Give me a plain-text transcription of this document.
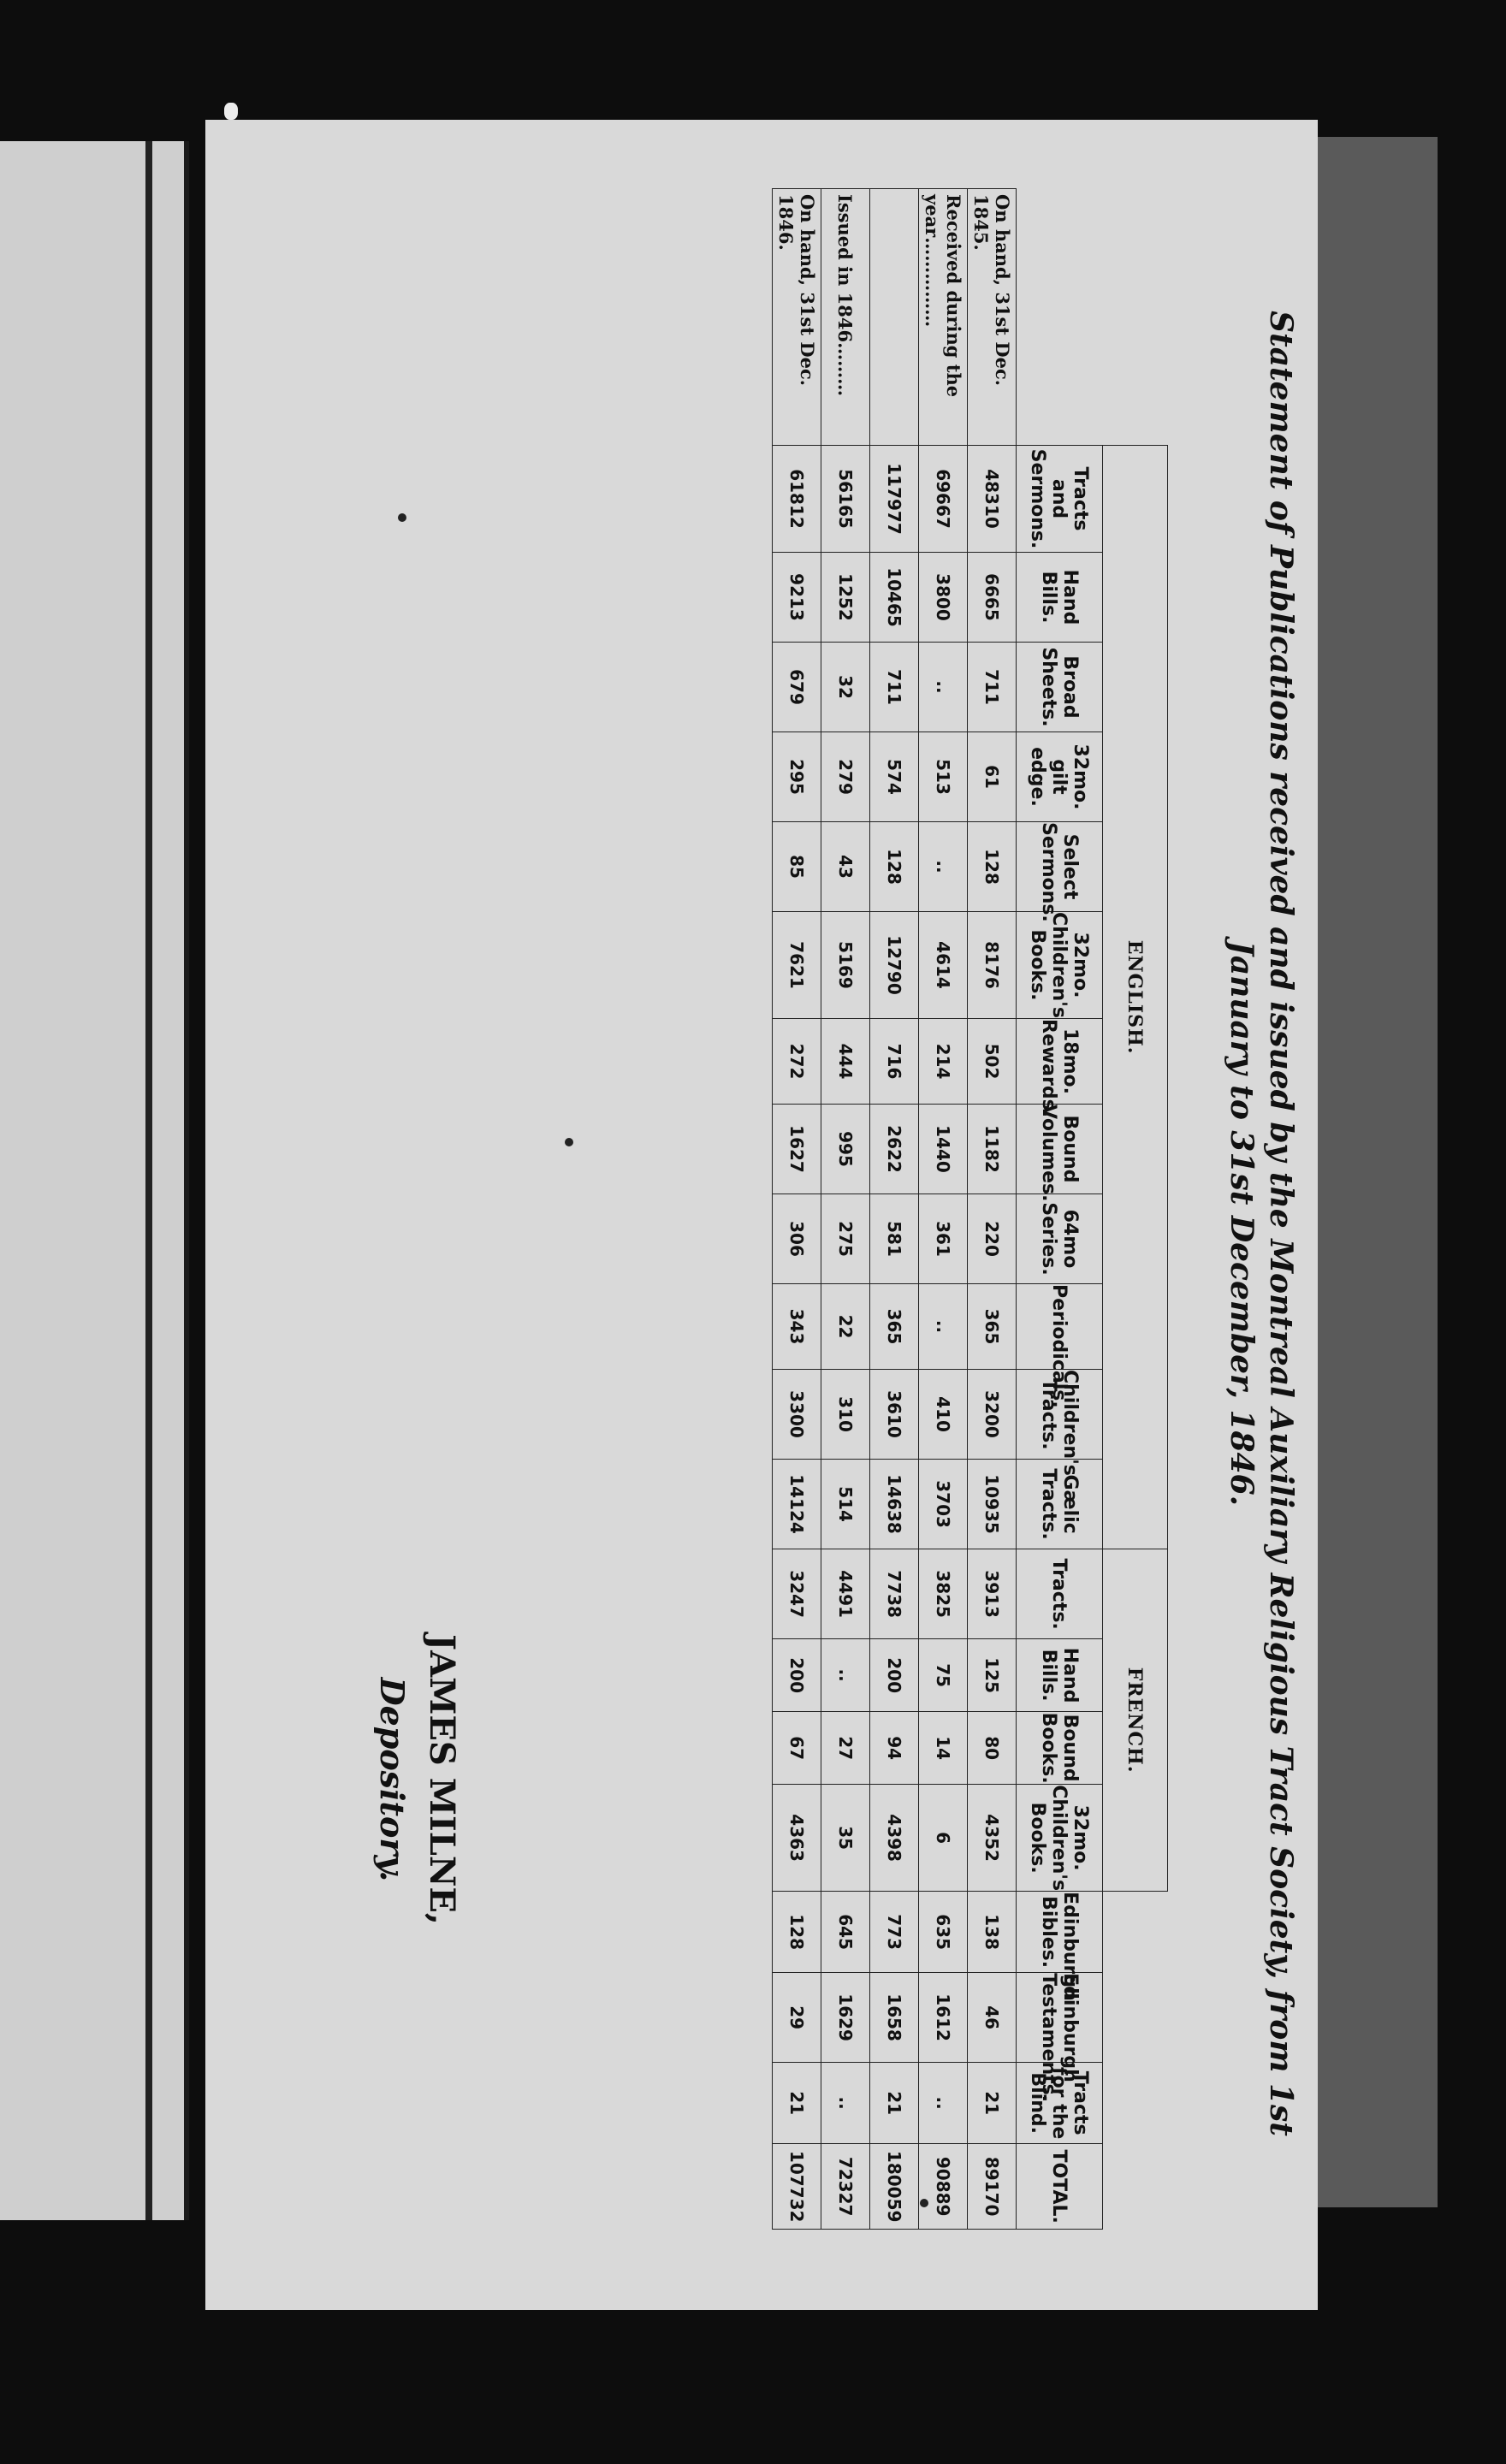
Statement of Publications received and issued by the Montreal Auxiliary Religious Tract Society, from 1st January to 31st December, 1846.
	ENGLISH.												FRENCH.							
	Tracts and Sermons.	Hand Bills.	Broad Sheets.	32mo. gilt edge.	Select Sermons.	32mo. Children's Books.	18mo. Rewards.	Bound Volumes.	64mo Series.	Periodicals.	Children's Tracts.	Gælic Tracts.	Tracts.	Hand Bills.	Bound Books.	32mo. Children's Books.	Edinburgh Bibles.	Edinburgh Testaments.	Tracts for the Blind.	TOTAL.
On hand, 31st Dec. 1845.	48310	6665	711	61	128	8176	502	1182	220	365	3200	10935	3913	125	80	4352	138	46	21	89170
Received during the year……………	69667	3800	..	513	..	4614	214	1440	361	..	410	3703	3825	75	14	6	635	1612	..	90889
	117977	10465	711	574	128	12790	716	2622	581	365	3610	14638	7738	200	94	4398	773	1658	21	180059
Issued in 1846………	56165	1252	32	279	43	5169	444	995	275	22	310	514	4491	..	27	35	645	1629	..	72327
On hand, 31st Dec. 1846.	61812	9213	679	295	85	7621	272	1627	306	343	3300	14124	3247	200	67	4363	128	29	21	107732
JAMES MILNE,
Depository.
